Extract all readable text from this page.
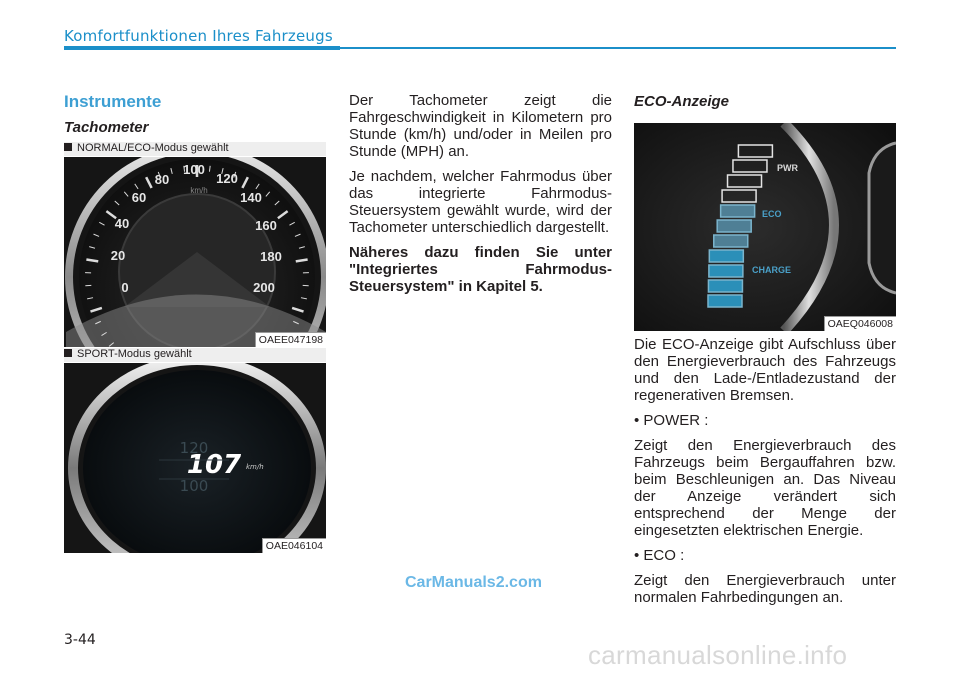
Komfortfunktionen Ihres Fahrzeugs
Instrumente
Tachometer
NORMAL/ECO-Modus gewählt
0
20
40
60
80
100
120
140
160
180
200
km/h
OAEE047198
SPORT-Modus gewählt
120
107 km/h
100
OAE046104

Der Tachometer zeigt die Fahrgeschwindigkeit in Kilometern pro Stunde (km/h) und/oder in Meilen pro Stunde (MPH) an.

Je nachdem, welcher Fahrmodus über das integrierte Fahrmodus-Steuersystem gewählt wurde, wird der Tachometer unterschiedlich dargestellt.

Näheres dazu finden Sie unter "Integriertes Fahrmodus-Steuersystem" in Kapitel 5.

ECO-Anzeige
PWR
ECO
CHARGE
OAEQ046008

Die ECO-Anzeige gibt Aufschluss über den Energieverbrauch des Fahrzeugs und den Lade-/Entladezustand der regenerativen Bremsen.

• POWER :

Zeigt den Energieverbrauch des Fahrzeugs beim Bergauffahren bzw. beim Beschleunigen an. Das Niveau der Anzeige verändert sich entsprechend der Menge der eingesetzten elektrischen Energie.

• ECO :

Zeigt den Energieverbrauch unter normalen Fahrbedingungen an.

3-44
CarManuals2.com
carmanualsonline.info
